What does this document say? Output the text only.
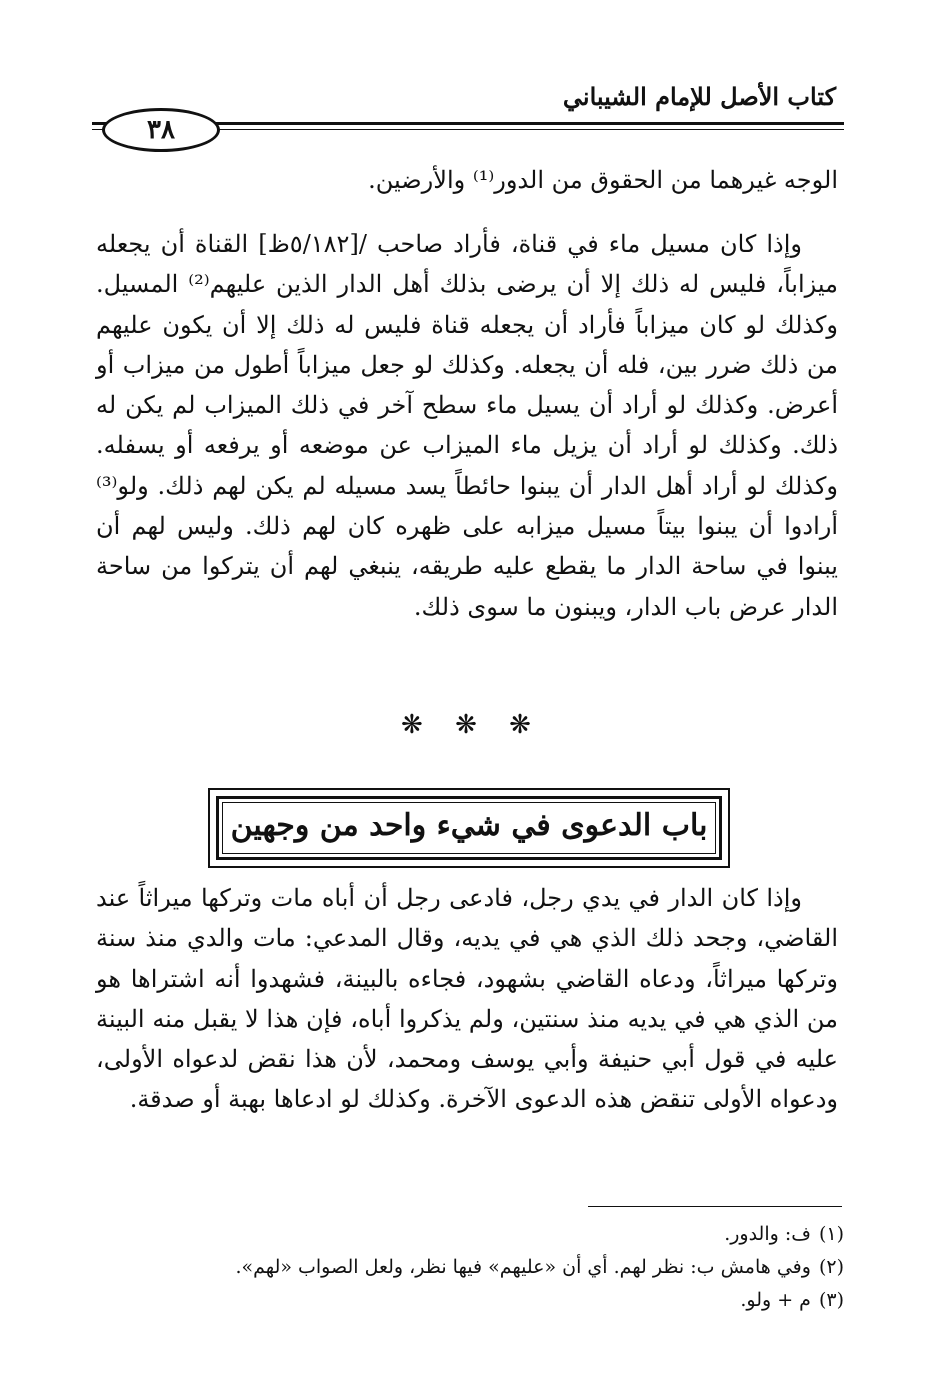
كتاب الأصل للإمام الشيباني
٣٨

الوجه غيرهما من الحقوق من الدور⁽¹⁾ والأرضين.

وإذا كان مسيل ماء في قناة، فأراد صاحب /[٥/١٨٢ظ] القناة أن يجعله ميزاباً، فليس له ذلك إلا أن يرضى بذلك أهل الدار الذين عليهم⁽²⁾ المسيل. وكذلك لو كان ميزاباً فأراد أن يجعله قناة فليس له ذلك إلا أن يكون عليهم من ذلك ضرر بين، فله أن يجعله. وكذلك لو جعل ميزاباً أطول من ميزاب أو أعرض. وكذلك لو أراد أن يسيل ماء سطح آخر في ذلك الميزاب لم يكن له ذلك. وكذلك لو أراد أن يزيل ماء الميزاب عن موضعه أو يرفعه أو يسفله. وكذلك لو أراد أهل الدار أن يبنوا حائطاً يسد مسيله لم يكن لهم ذلك. ولو⁽³⁾ أرادوا أن يبنوا بيتاً مسيل ميزابه على ظهره كان لهم ذلك. وليس لهم أن يبنوا في ساحة الدار ما يقطع عليه طريقه، ينبغي لهم أن يتركوا من ساحة الدار عرض باب الدار، ويبنون ما سوى ذلك.

❋ ❋ ❋
باب الدعوى في شيء واحد من وجهين

وإذا كان الدار في يدي رجل، فادعى رجل أن أباه مات وتركها ميراثاً عند القاضي، وجحد ذلك الذي هي في يديه، وقال المدعي: مات والدي منذ سنة وتركها ميراثاً، ودعاه القاضي بشهود، فجاءه بالبينة، فشهدوا أنه اشتراها هو من الذي هي في يديه منذ سنتين، ولم يذكروا أباه، فإن هذا لا يقبل منه البينة عليه في قول أبي حنيفة وأبي يوسف ومحمد، لأن هذا نقض لدعواه الأولى، ودعواه الأولى تنقض هذه الدعوى الآخرة. وكذلك لو ادعاها بهبة أو صدقة.

(١)ف: والدور.
(٢)وفي هامش ب: نظر لهم. أي أن «عليهم» فيها نظر، ولعل الصواب «لهم».
(٣)م + ولو.
